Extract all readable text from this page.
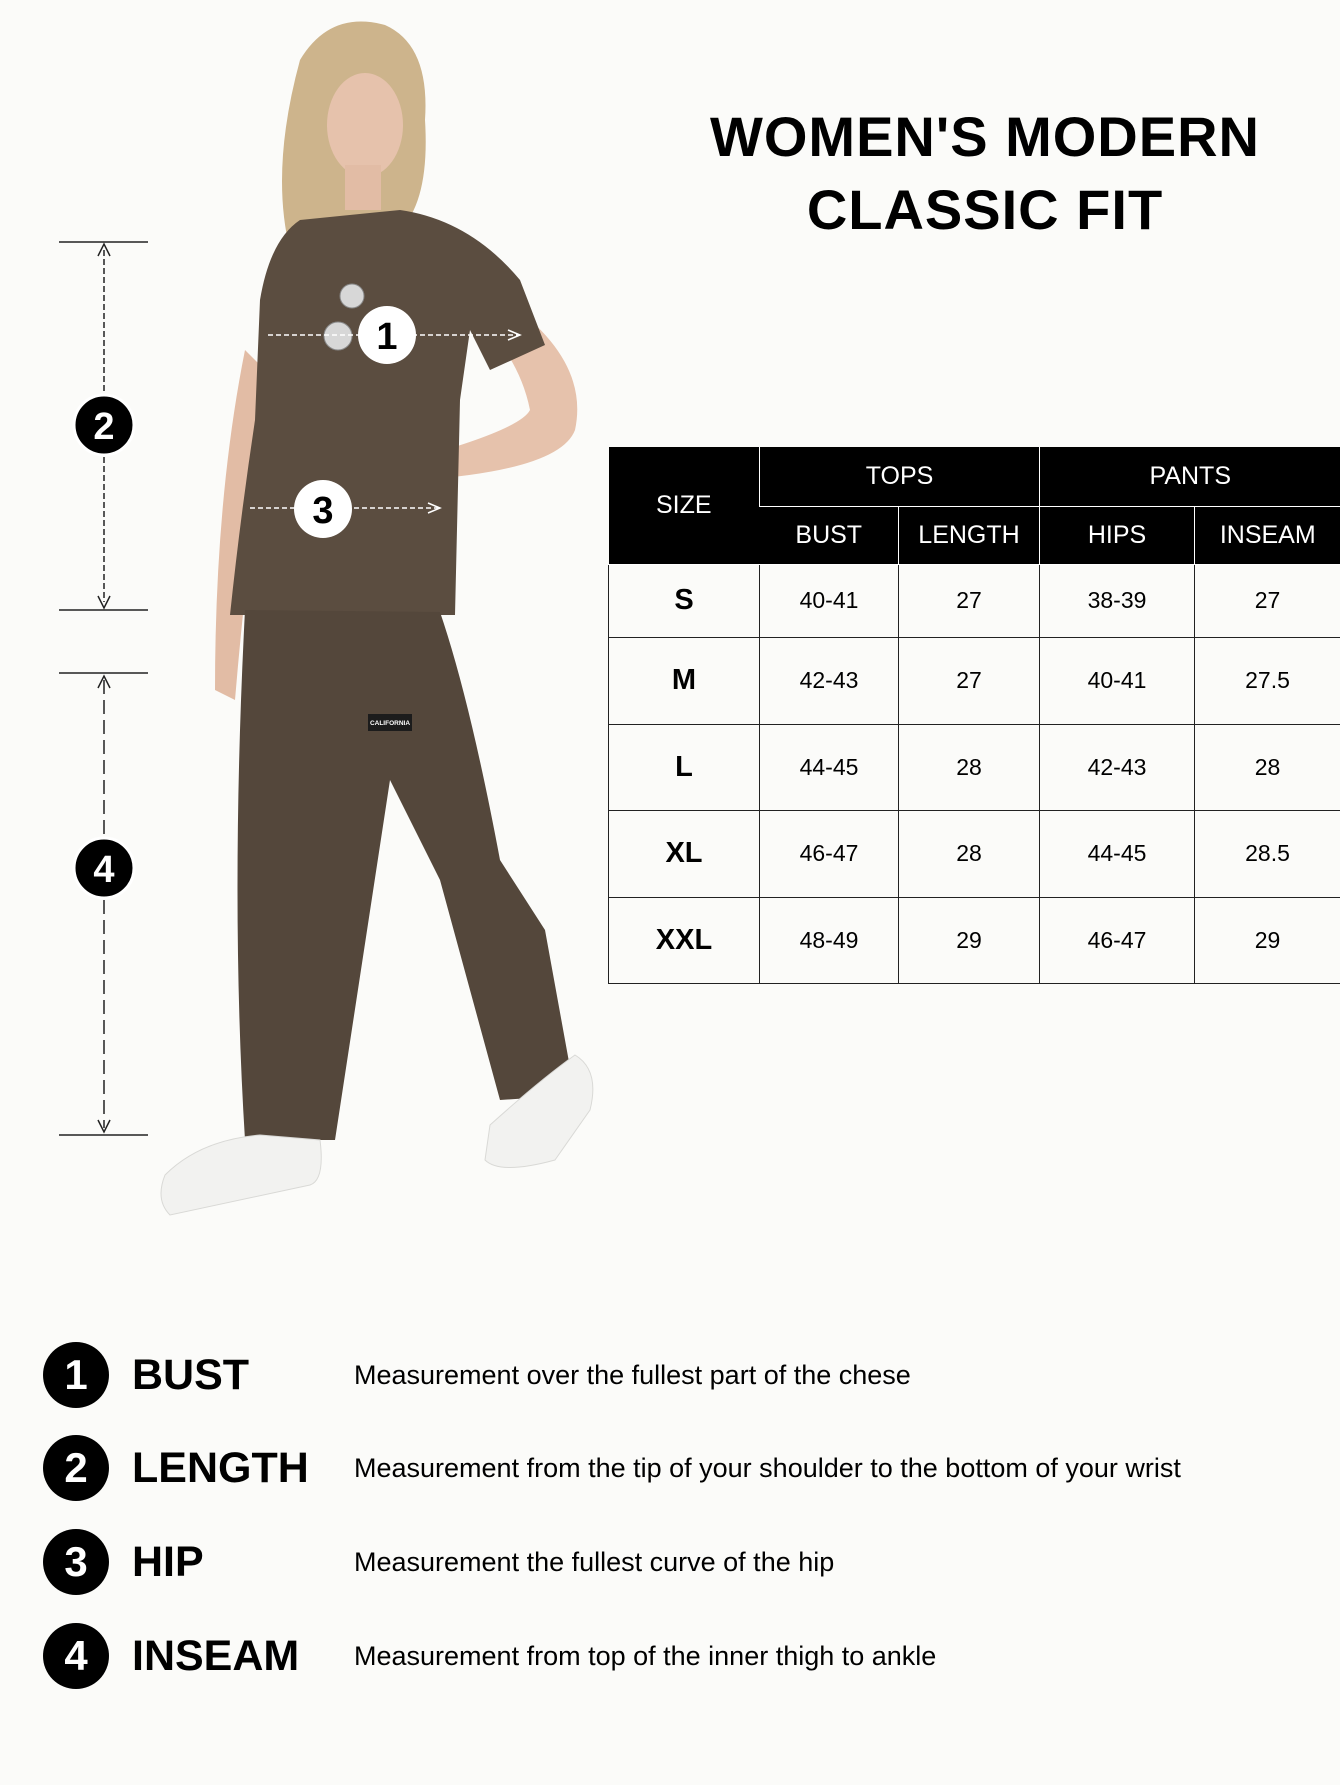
WOMEN'S MODERN
CLASSIC FIT
CALIFORNIA
2
4
1
3	SIZE	TOPS		PANTS	
	BUST	LENGTH	HIPS	INSEAM
S	40-41	27	38-39	27
M	42-43	27	40-41	27.5
L	44-45	28	42-43	28
XL	46-47	28	44-45	28.5
XXL	48-49	29	46-47	29
1	BUST	Measurement over the fullest part of the chese
2	LENGTH Measurement from the tip of your shoulder to the bottom of your wrist
3	HIP	Measurement the fullest curve of the hip
4	INSEAM Measurement from top of the inner thigh to ankle
